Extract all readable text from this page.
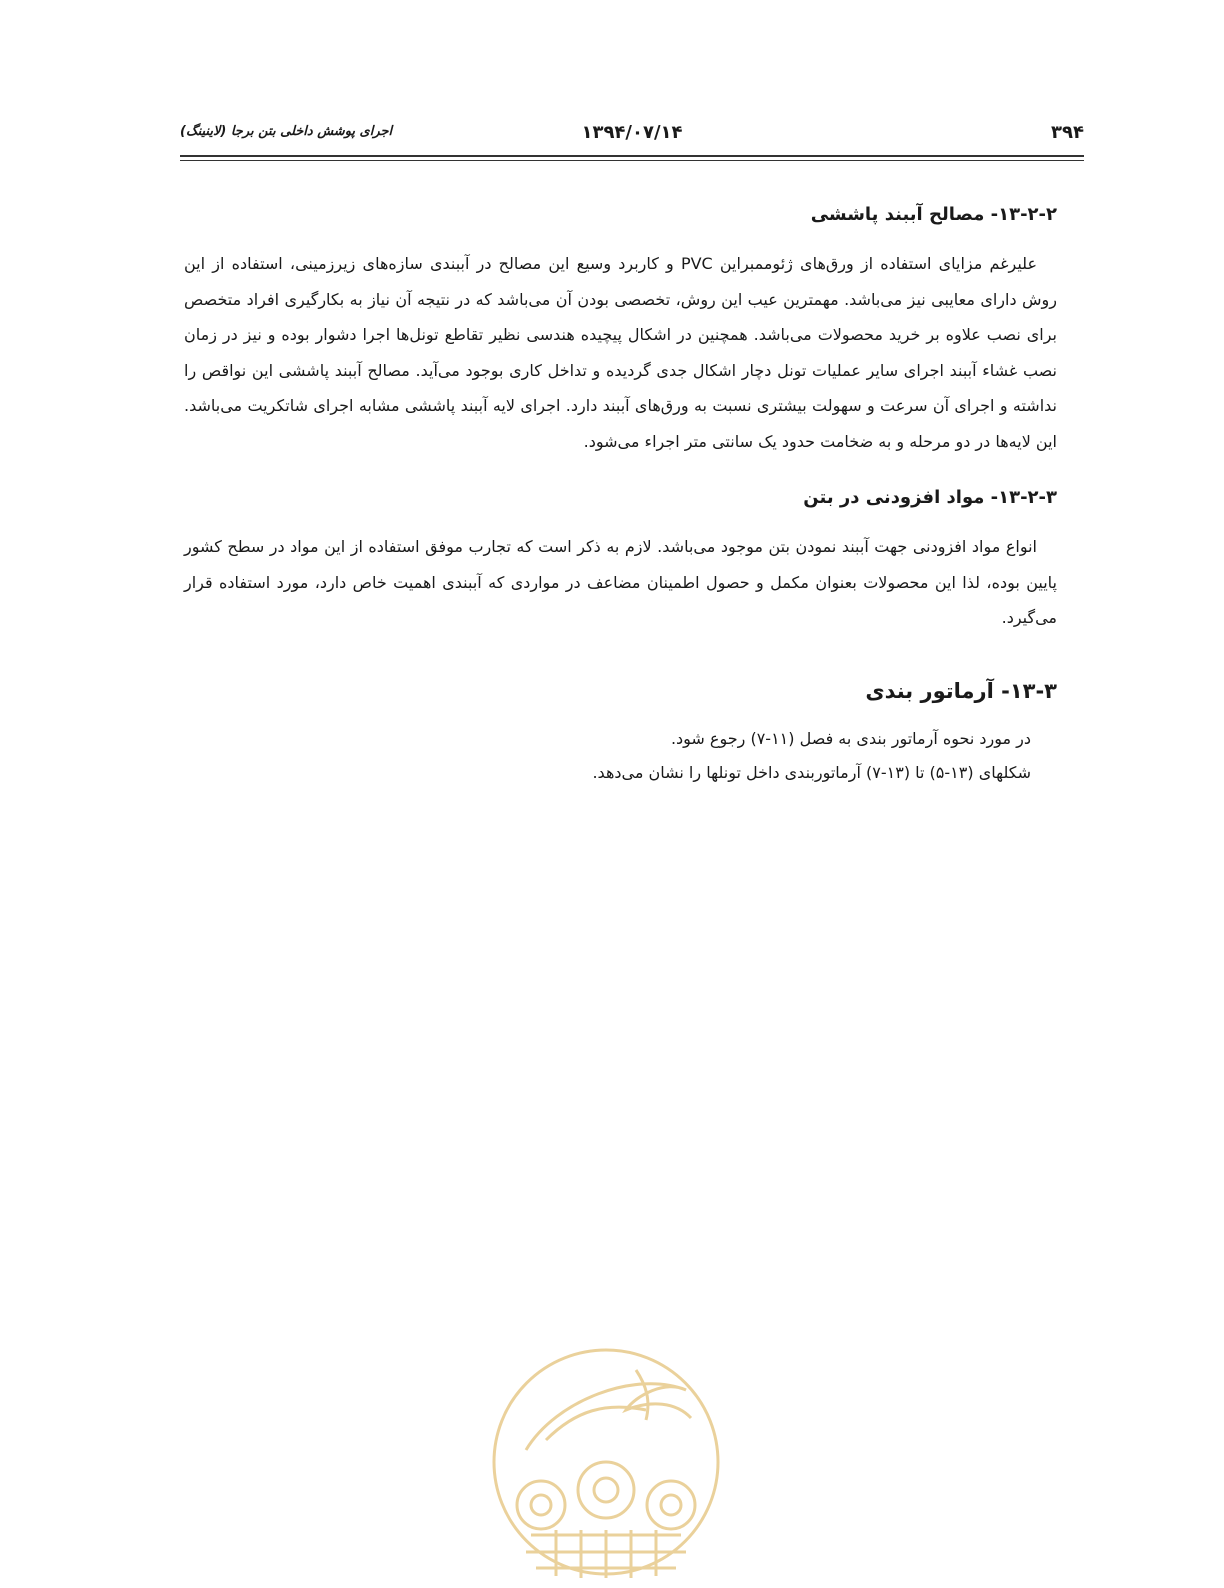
۳۹۴
۱۳۹۴/۰۷/۱۴
اجرای پوشش داخلی بتن برجا (لاینینگ)
۱۳-۲-۲- مصالح آببند پاششی

علیرغم مزایای استفاده از ورق‌های ژئوممبراین PVC و کاربرد وسیع این مصالح در آببندی سازه‌های زیرزمینی، استفاده از این روش دارای معایبی نیز می‌باشد. مهمترین عیب این روش، تخصصی بودن آن می‌باشد که در نتیجه آن نیاز به بکارگیری افراد متخصص برای نصب علاوه بر خرید محصولات می‌باشد. همچنین در اشکال پیچیده هندسی نظیر تقاطع تونل‌ها اجرا دشوار بوده و نیز در زمان نصب غشاء آببند اجرای سایر عملیات تونل دچار اشکال جدی گردیده و تداخل کاری بوجود می‌آید. مصالح آببند پاششی این نواقص را نداشته و اجرای آن سرعت و سهولت بیشتری نسبت به ورق‌های آببند دارد. اجرای لایه آببند پاششی مشابه اجرای شاتکریت می‌باشد. این لایه‌ها در دو مرحله و به ضخامت حدود یک سانتی متر اجراء می‌شود.

۱۳-۲-۳- مواد افزودنی در بتن

انواع مواد افزودنی جهت آببند نمودن بتن موجود می‌باشد. لازم به ذکر است که تجارب موفق استفاده از این مواد در سطح کشور پایین بوده، لذا این محصولات بعنوان مکمل و حصول اطمینان مضاعف در مواردی که آببندی اهمیت خاص دارد، مورد استفاده قرار می‌گیرد.

۱۳-۳- آرماتور بندی

در مورد نحوه آرماتور بندی به فصل (۱۱-۷) رجوع شود.

شکلهای (۱۳-۵) تا (۱۳-۷) آرماتوربندی داخل تونلها را نشان می‌دهد.
